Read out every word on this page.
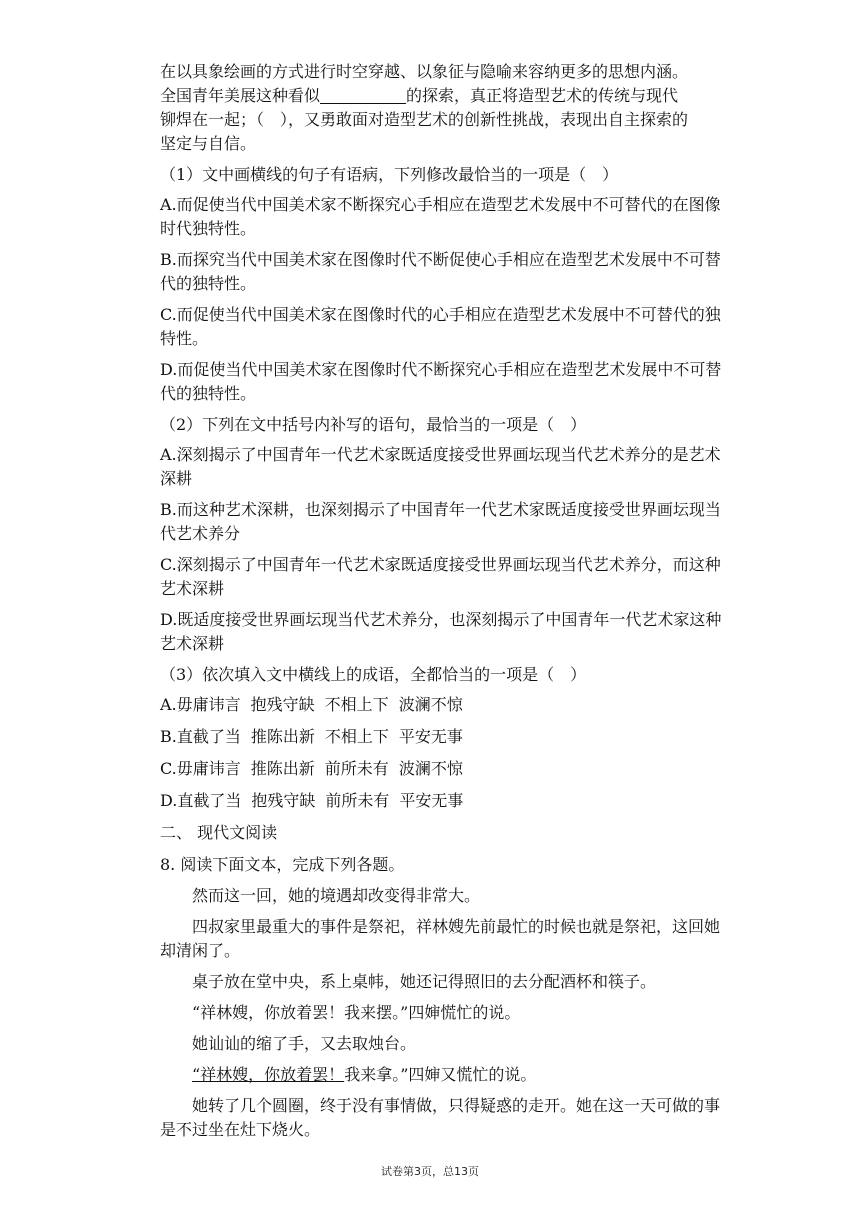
在以具象绘画的方式进行时空穿越、以象征与隐喻来容纳更多的思想内涵。
全国青年美展这种看似	的探索，真正将造型艺术的传统与现代
铆焊在一起；（　），又勇敢面对造型艺术的创新性挑战，表现出自主探索的
坚定与自信。

（1）文中画横线的句子有语病，下列修改最恰当的一项是（　）

A.而促使当代中国美术家不断探究心手相应在造型艺术发展中不可替代的在图像时代独特性。

B.而探究当代中国美术家在图像时代不断促使心手相应在造型艺术发展中不可替代的独特性。

C.而促使当代中国美术家在图像时代的心手相应在造型艺术发展中不可替代的独特性。

D.而促使当代中国美术家在图像时代不断探究心手相应在造型艺术发展中不可替代的独特性。

（2）下列在文中括号内补写的语句，最恰当的一项是（　）

A.深刻揭示了中国青年一代艺术家既适度接受世界画坛现当代艺术养分的是艺术深耕

B.而这种艺术深耕，也深刻揭示了中国青年一代艺术家既适度接受世界画坛现当代艺术养分

C.深刻揭示了中国青年一代艺术家既适度接受世界画坛现当代艺术养分，而这种艺术深耕

D.既适度接受世界画坛现当代艺术养分，也深刻揭示了中国青年一代艺术家这种艺术深耕

（3）依次填入文中横线上的成语，全都恰当的一项是（　）

A.毋庸讳言 抱残守缺 不相上下 波澜不惊

B.直截了当 推陈出新 不相上下 平安无事

C.毋庸讳言 推陈出新 前所未有 波澜不惊

D.直截了当 抱残守缺 前所未有 平安无事

二、 现代文阅读

8. 阅读下面文本，完成下列各题。

然而这一回，她的境遇却改变得非常大。

四叔家里最重大的事件是祭祀，祥林嫂先前最忙的时候也就是祭祀，这回她却清闲了。

桌子放在堂中央，系上桌帏，她还记得照旧的去分配酒杯和筷子。

“祥林嫂，你放着罢！我来摆。”四婶慌忙的说。

她讪讪的缩了手，又去取烛台。

“祥林嫂，你放着罢！我来拿。”四婶又慌忙的说。

她转了几个圆圈，终于没有事情做，只得疑惑的走开。她在这一天可做的事是不过坐在灶下烧火。

试卷第3页，总13页
